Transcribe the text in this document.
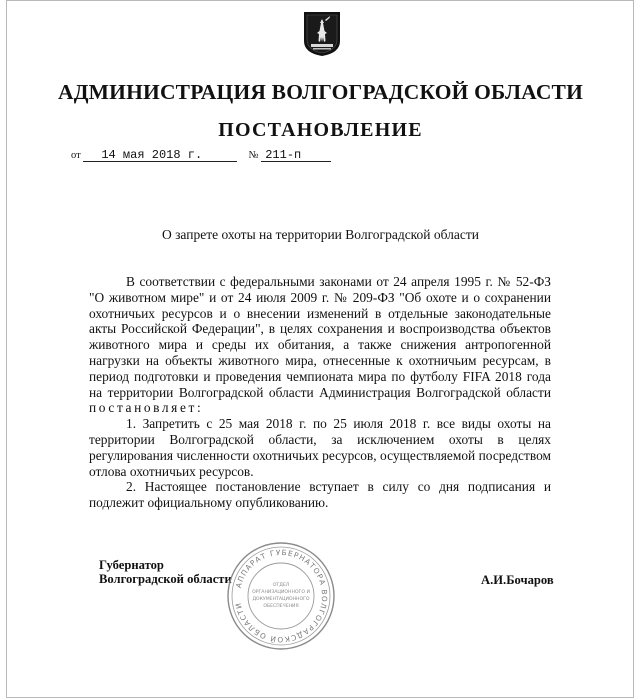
АДМИНИСТРАЦИЯ ВОЛГОГРАДСКОЙ ОБЛАСТИ
ПОСТАНОВЛЕНИЕ
от 14 мая 2018 г.	№ 211-п
О запрете охоты на территории Волгоградской области

В соответствии с федеральными законами от 24 апреля 1995 г. № 52-ФЗ "О животном мире" и от 24 июля 2009 г. № 209-ФЗ "Об охоте и о сохранении охотничьих ресурсов и о внесении изменений в отдельные законодательные акты Российской Федерации", в целях сохранения и воспроизводства объектов животного мира и среды их обитания, а также снижения антропогенной нагрузки на объекты животного мира, отнесенные к охотничьим ресурсам, в период подготовки и проведения чемпионата мира по футболу FIFA 2018 года на территории Волгоградской области Администрация Волгоградской области постановляет:

1. Запретить с 25 мая 2018 г. по 25 июля 2018 г. все виды охоты на территории Волгоградской области, за исключением охоты в целях регулирования численности охотничьих ресурсов, осуществляемой посредством отлова охотничьих ресурсов.

2. Настоящее постановление вступает в силу со дня подписания и подлежит официальному опубликованию.

Губернатор
Волгоградской области	А.И.Бочаров
АППАРАТ ГУБЕРНАТОРА ВОЛГОГРАДСКОЙ ОБЛАСТИ
ОТДЕЛ
ОРГАНИЗАЦИОННОГО И
ДОКУМЕНТАЦИОННОГО
ОБЕСПЕЧЕНИЯ
